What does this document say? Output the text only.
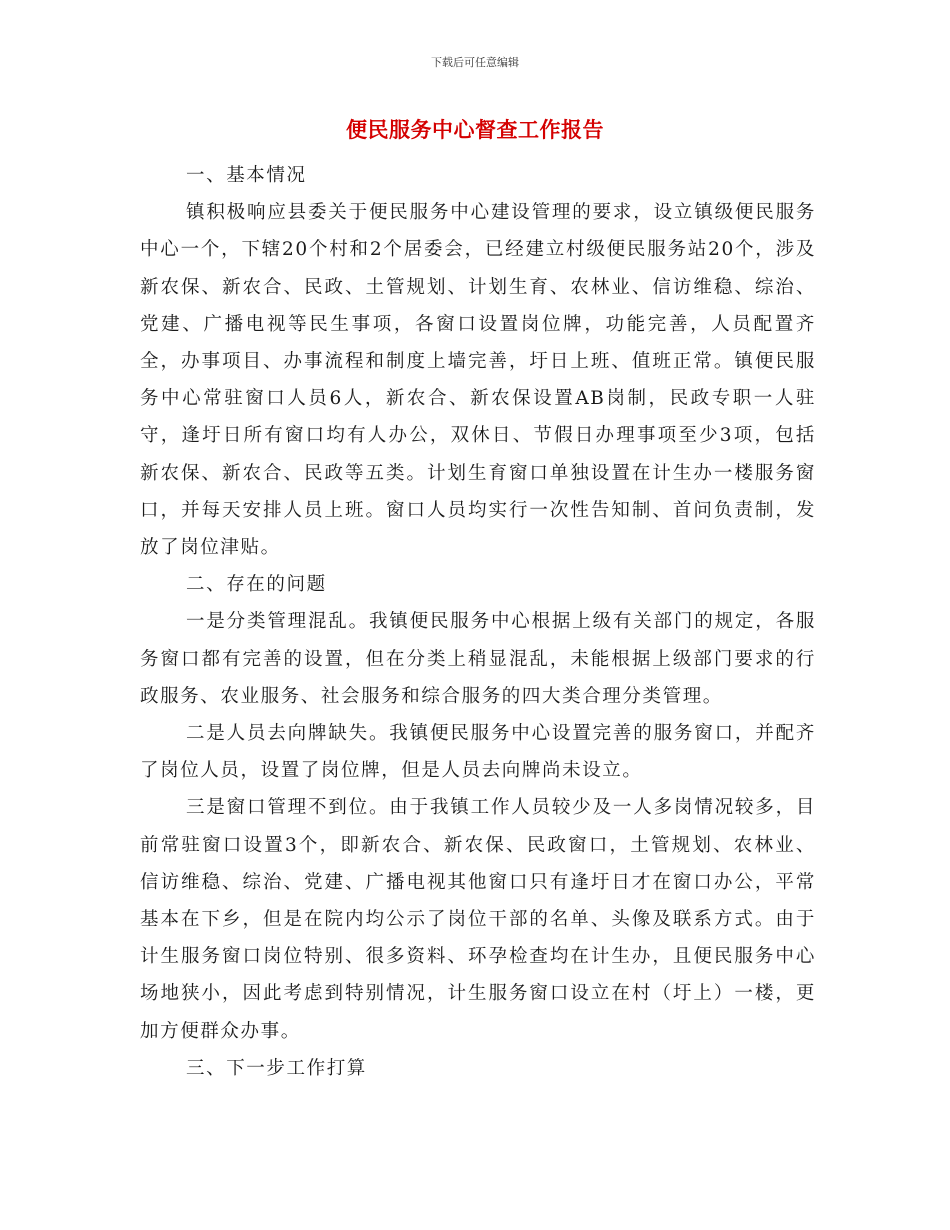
下载后可任意编辑
便民服务中心督查工作报告

一、基本情况

镇积极响应县委关于便民服务中心建设管理的要求，设立镇级便民服务中心一个，下辖20个村和2个居委会，已经建立村级便民服务站20个，涉及新农保、新农合、民政、土管规划、计划生育、农林业、信访维稳、综治、党建、广播电视等民生事项，各窗口设置岗位牌，功能完善，人员配置齐全，办事项目、办事流程和制度上墙完善，圩日上班、值班正常。镇便民服务中心常驻窗口人员6人，新农合、新农保设置AB岗制，民政专职一人驻守，逢圩日所有窗口均有人办公，双休日、节假日办理事项至少3项，包括新农保、新农合、民政等五类。计划生育窗口单独设置在计生办一楼服务窗口，并每天安排人员上班。窗口人员均实行一次性告知制、首问负责制，发放了岗位津贴。

二、存在的问题

一是分类管理混乱。我镇便民服务中心根据上级有关部门的规定，各服务窗口都有完善的设置，但在分类上稍显混乱，未能根据上级部门要求的行政服务、农业服务、社会服务和综合服务的四大类合理分类管理。

二是人员去向牌缺失。我镇便民服务中心设置完善的服务窗口，并配齐了岗位人员，设置了岗位牌，但是人员去向牌尚未设立。

三是窗口管理不到位。由于我镇工作人员较少及一人多岗情况较多，目前常驻窗口设置3个，即新农合、新农保、民政窗口，土管规划、农林业、信访维稳、综治、党建、广播电视其他窗口只有逢圩日才在窗口办公，平常基本在下乡，但是在院内均公示了岗位干部的名单、头像及联系方式。由于计生服务窗口岗位特别、很多资料、环孕检查均在计生办，且便民服务中心场地狭小，因此考虑到特别情况，计生服务窗口设立在村（圩上）一楼，更加方便群众办事。

三、下一步工作打算
